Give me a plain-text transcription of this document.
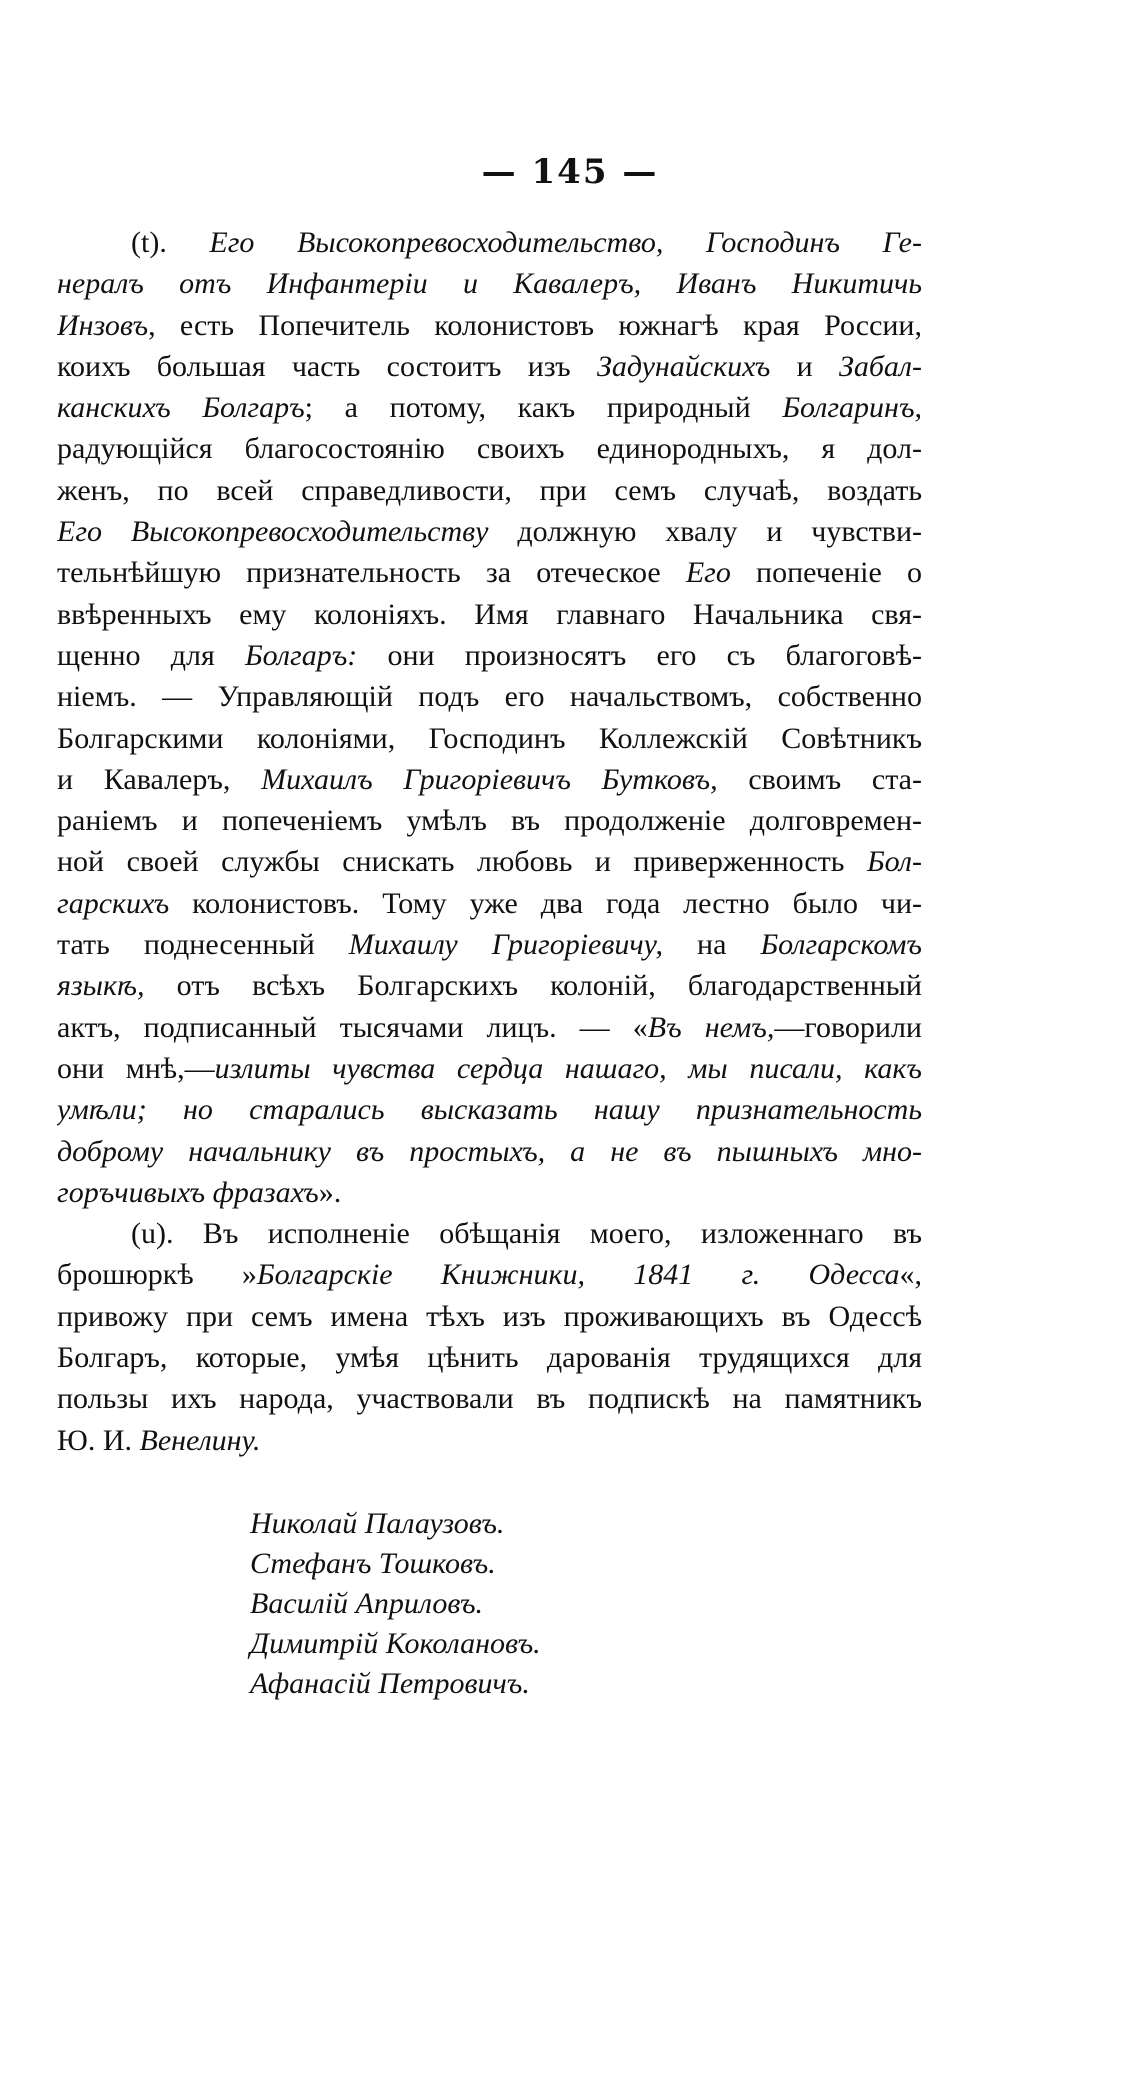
— 145 —
(t). Его Высокопревосходительство, Господинъ Ге-
нералъ отъ Инфантеріи и Кавалеръ, Иванъ Никитичь
Инзовъ, есть Попечитель колонистовъ южнагѣ края России,
коихъ большая часть состоитъ изъ Задунайскихъ и Забал-
канскихъ Болгаръ; а потому, какъ природный Болгаринъ,
радующійся благосостоянію своихъ единородныхъ, я дол-
женъ, по всей справедливости, при семъ случаѣ, воздать
Его Высокопревосходительству должную хвалу и чувстви-
тельнѣйшую признательность за отеческое Его попеченіе о
ввѣренныхъ ему колоніяхъ. Имя главнаго Начальника свя-
щенно для Болгаръ: они произносятъ его съ благоговѣ-
ніемъ. — Управляющій подъ его начальствомъ, собственно
Болгарскими колоніями, Господинъ Коллежскій Совѣтникъ
и Кавалеръ, Михаилъ Григоріевичъ Бутковъ, своимъ ста-
раніемъ и попеченіемъ умѣлъ въ продолженіе долговремен-
ной своей службы снискать любовь и приверженность Бол-
гарскихъ колонистовъ. Тому уже два года лестно было чи-
тать поднесенный Михаилу Григоріевичу, на Болгарскомъ
языкѣ, отъ всѣхъ Болгарскихъ колоній, благодарственный
актъ, подписанный тысячами лицъ. — «Въ немъ,—говорили
они мнѣ,—излиты чувства сердца нашаго, мы писали, какъ
умѣли; но старались высказать нашу признательность
доброму начальнику въ простыхъ, а не въ пышныхъ мно-
горъчивыхъ фразахъ».
(u). Въ исполненіе обѣщанія моего, изложеннаго въ
брошюркѣ »Болгарскіе Книжники, 1841 г. Одесса«,
привожу при семъ имена тѣхъ изъ проживающихъ въ Одессѣ
Болгаръ, которые, умѣя цѣнить дарованія трудящихся для
пользы ихъ народа, участвовали въ подпискѣ на памятникъ
Ю. И. Венелину.
Николай Палаузовъ.
Стефанъ Тошковъ.
Василій Априловъ.
Димитрій Коколановъ.
Афанасій Петровичъ.
